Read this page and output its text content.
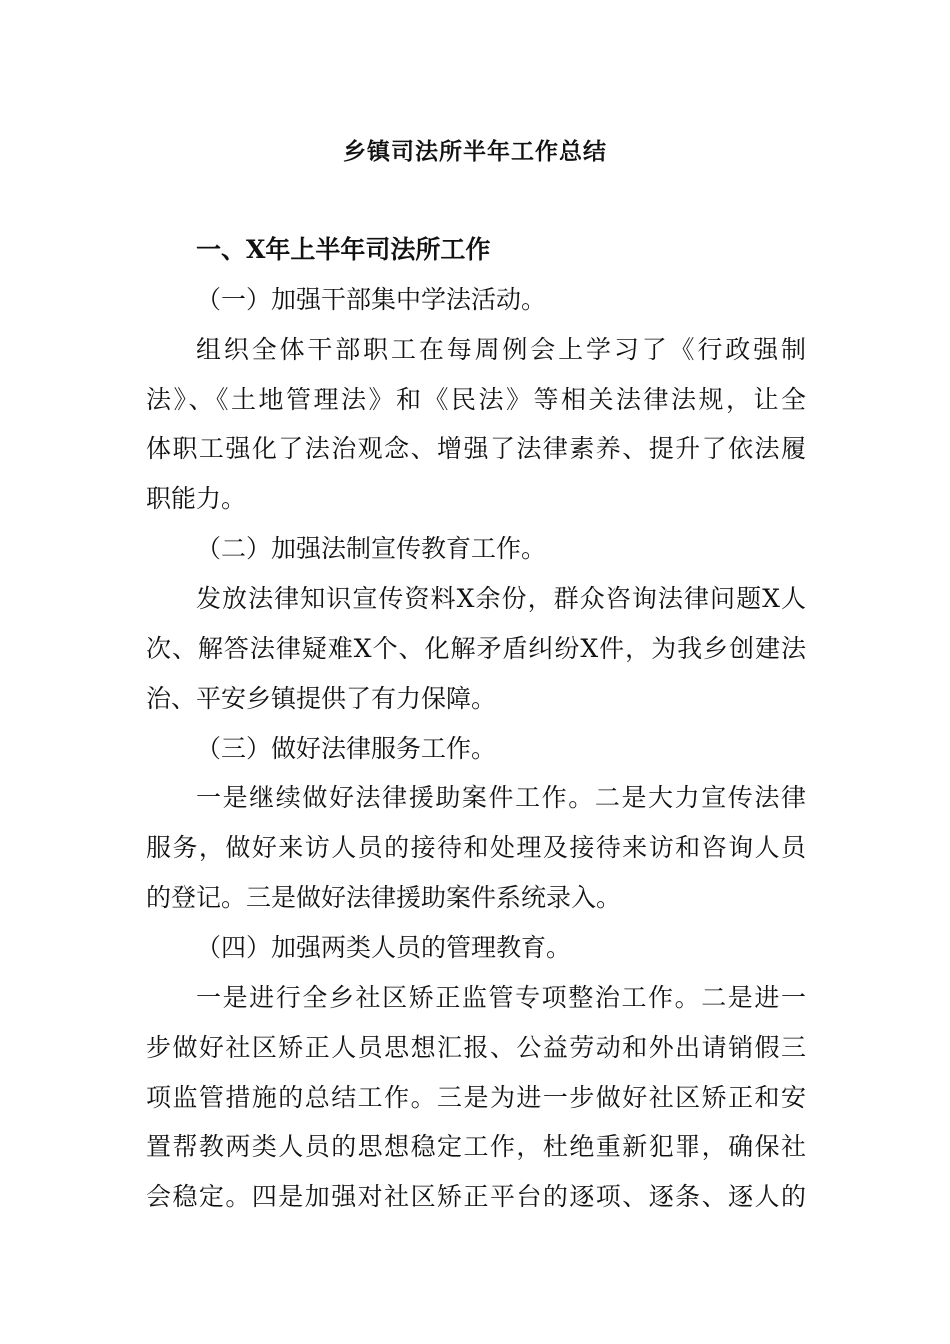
乡镇司法所半年工作总结
一、X年上半年司法所工作
（一）加强干部集中学法活动。
组织全体干部职工在每周例会上学习了《行政强制
法》、《土地管理法》和《民法》等相关法律法规，让全
体职工强化了法治观念、增强了法律素养、提升了依法履
职能力。
（二）加强法制宣传教育工作。
发放法律知识宣传资料X余份，群众咨询法律问题X人
次、解答法律疑难X个、化解矛盾纠纷X件，为我乡创建法
治、平安乡镇提供了有力保障。
（三）做好法律服务工作。
一是继续做好法律援助案件工作。二是大力宣传法律
服务，做好来访人员的接待和处理及接待来访和咨询人员
的登记。三是做好法律援助案件系统录入。
（四）加强两类人员的管理教育。
一是进行全乡社区矫正监管专项整治工作。二是进一
步做好社区矫正人员思想汇报、公益劳动和外出请销假三
项监管措施的总结工作。三是为进一步做好社区矫正和安
置帮教两类人员的思想稳定工作，杜绝重新犯罪，确保社
会稳定。四是加强对社区矫正平台的逐项、逐条、逐人的
